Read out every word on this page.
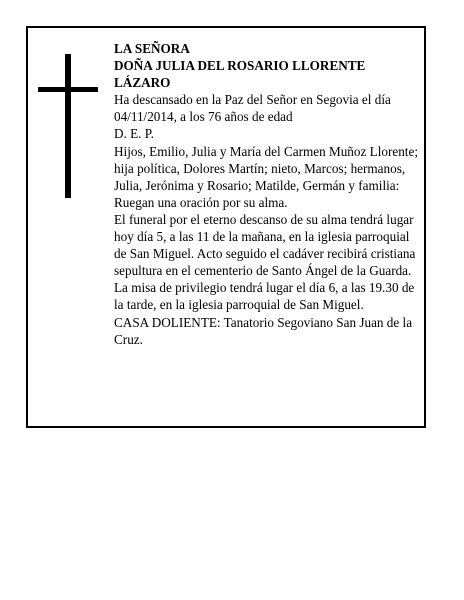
LA SEÑORA

DOÑA JULIA DEL ROSARIO LLORENTE LÁZARO

Ha descansado en la Paz del Señor en Segovia el día 04/11/2014, a los 76 años de edad

D. E. P.

Hijos, Emilio, Julia y María del Carmen Muñoz Llorente; hija política, Dolores Martín; nieto, Marcos; hermanos, Julia, Jerónima y Rosario; Matilde, Germán y familia:

Ruegan una oración por su alma.

El funeral por el eterno descanso de su alma tendrá lugar hoy día 5, a las 11 de la mañana, en la iglesia parroquial de San Miguel. Acto seguido el cadáver recibirá cristiana sepultura en el cementerio de Santo Ángel de la Guarda. La misa de privilegio tendrá lugar el día 6, a las 19.30 de la tarde, en la iglesia parroquial de San Miguel.

CASA DOLIENTE: Tanatorio Segoviano San Juan de la Cruz.
